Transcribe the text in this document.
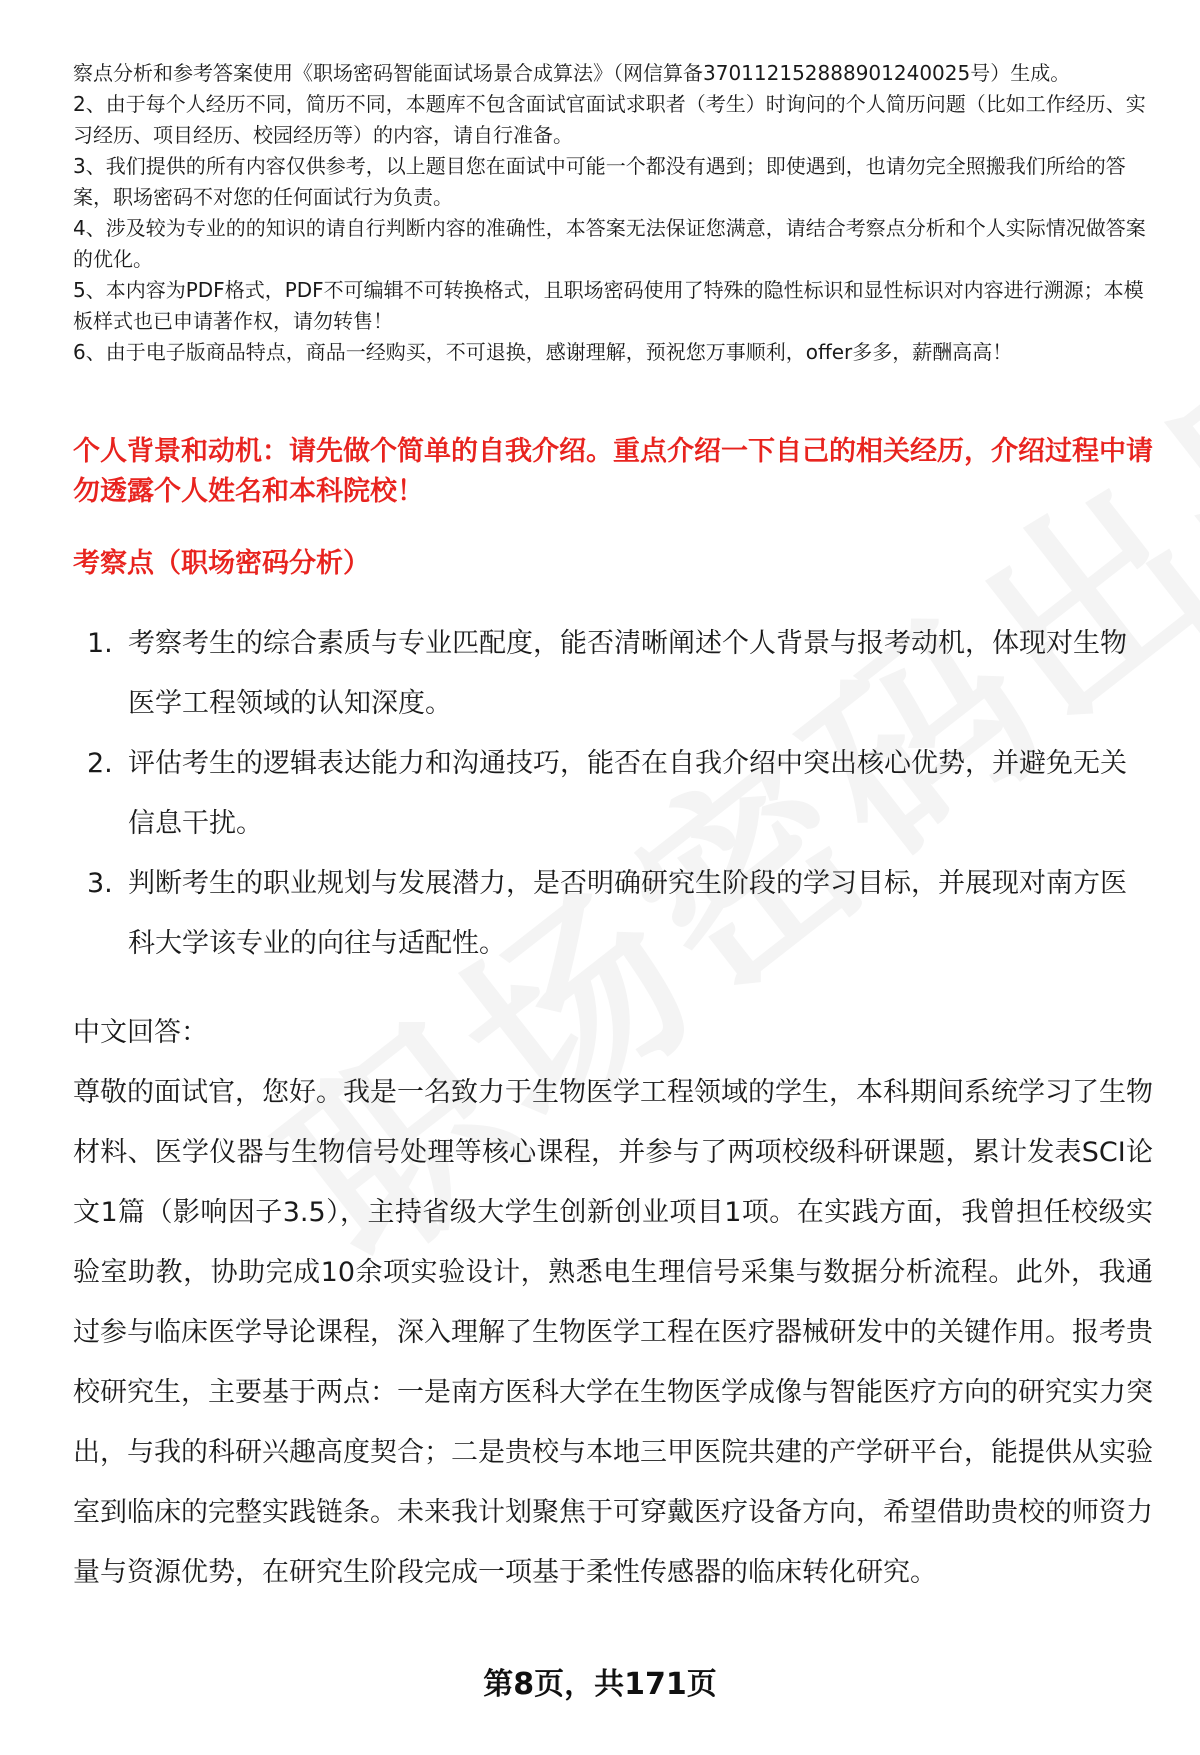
察点分析和参考答案使用《职场密码智能面试场景合成算法》（网信算备370112152888901240025号）生成。

2、由于每个人经历不同，简历不同，本题库不包含面试官面试求职者（考生）时询问的个人简历问题（比如工作经历、实习经历、项目经历、校园经历等）的内容，请自行准备。

3、我们提供的所有内容仅供参考，以上题目您在面试中可能一个都没有遇到；即使遇到，也请勿完全照搬我们所给的答案，职场密码不对您的任何面试行为负责。

4、涉及较为专业的的知识的请自行判断内容的准确性，本答案无法保证您满意，请结合考察点分析和个人实际情况做答案的优化。

5、本内容为PDF格式，PDF不可编辑不可转换格式，且职场密码使用了特殊的隐性标识和显性标识对内容进行溯源；本模板样式也已申请著作权，请勿转售！

6、由于电子版商品特点，商品一经购买，不可退换，感谢理解，预祝您万事顺利，offer多多，薪酬高高！

个人背景和动机：请先做个简单的自我介绍。重点介绍一下自己的相关经历，介绍过程中请勿透露个人姓名和本科院校！

考察点（职场密码分析）

1. 考察考生的综合素质与专业匹配度，能否清晰阐述个人背景与报考动机，体现对生物医学工程领域的认知深度。
2. 评估考生的逻辑表达能力和沟通技巧，能否在自我介绍中突出核心优势，并避免无关信息干扰。
3. 判断考生的职业规划与发展潜力，是否明确研究生阶段的学习目标，并展现对南方医科大学该专业的向往与适配性。

中文回答：

尊敬的面试官，您好。我是一名致力于生物医学工程领域的学生，本科期间系统学习了生物材料、医学仪器与生物信号处理等核心课程，并参与了两项校级科研课题，累计发表SCI论文1篇（影响因子3.5），主持省级大学生创新创业项目1项。在实践方面，我曾担任校级实验室助教，协助完成10余项实验设计，熟悉电生理信号采集与数据分析流程。此外，我通过参与临床医学导论课程，深入理解了生物医学工程在医疗器械研发中的关键作用。报考贵校研究生，主要基于两点：一是南方医科大学在生物医学成像与智能医疗方向的研究实力突出，与我的科研兴趣高度契合；二是贵校与本地三甲医院共建的产学研平台，能提供从实验室到临床的完整实践链条。未来我计划聚焦于可穿戴医疗设备方向，希望借助贵校的师资力量与资源优势，在研究生阶段完成一项基于柔性传感器的临床转化研究。

第8页，共171页
